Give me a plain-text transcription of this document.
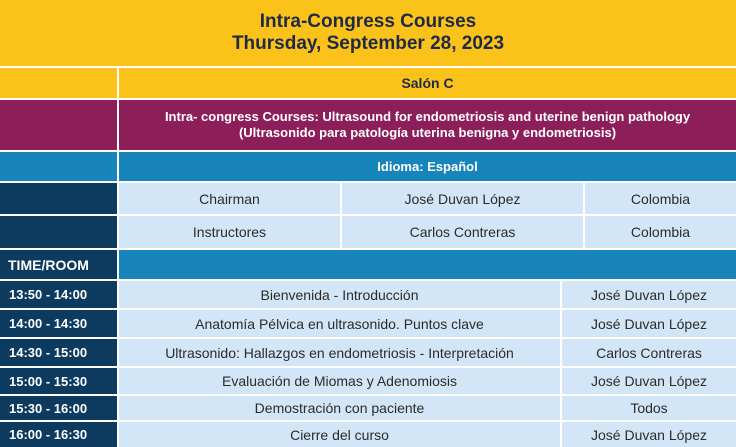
Intra-Congress Courses
Thursday, September 28, 2023
Salón C
Intra- congress Courses: Ultrasound for endometriosis and uterine benign pathology
(Ultrasonido para patología uterina benigna y endometriosis)
Idioma: Español
Chairman	José Duvan López	Colombia
Instructores	Carlos Contreras	Colombia
TIME/ROOM
13:50 - 14:00	Bienvenida - Introducción	José Duvan López
14:00 - 14:30	Anatomía Pélvica en ultrasonido. Puntos clave	José Duvan López
14:30 - 15:00	Ultrasonido: Hallazgos en endometriosis - Interpretación	Carlos Contreras
15:00 - 15:30	Evaluación de Miomas y Adenomiosis	José Duvan López
15:30 - 16:00	Demostración con paciente	Todos
16:00 - 16:30	Cierre del curso	José Duvan López
